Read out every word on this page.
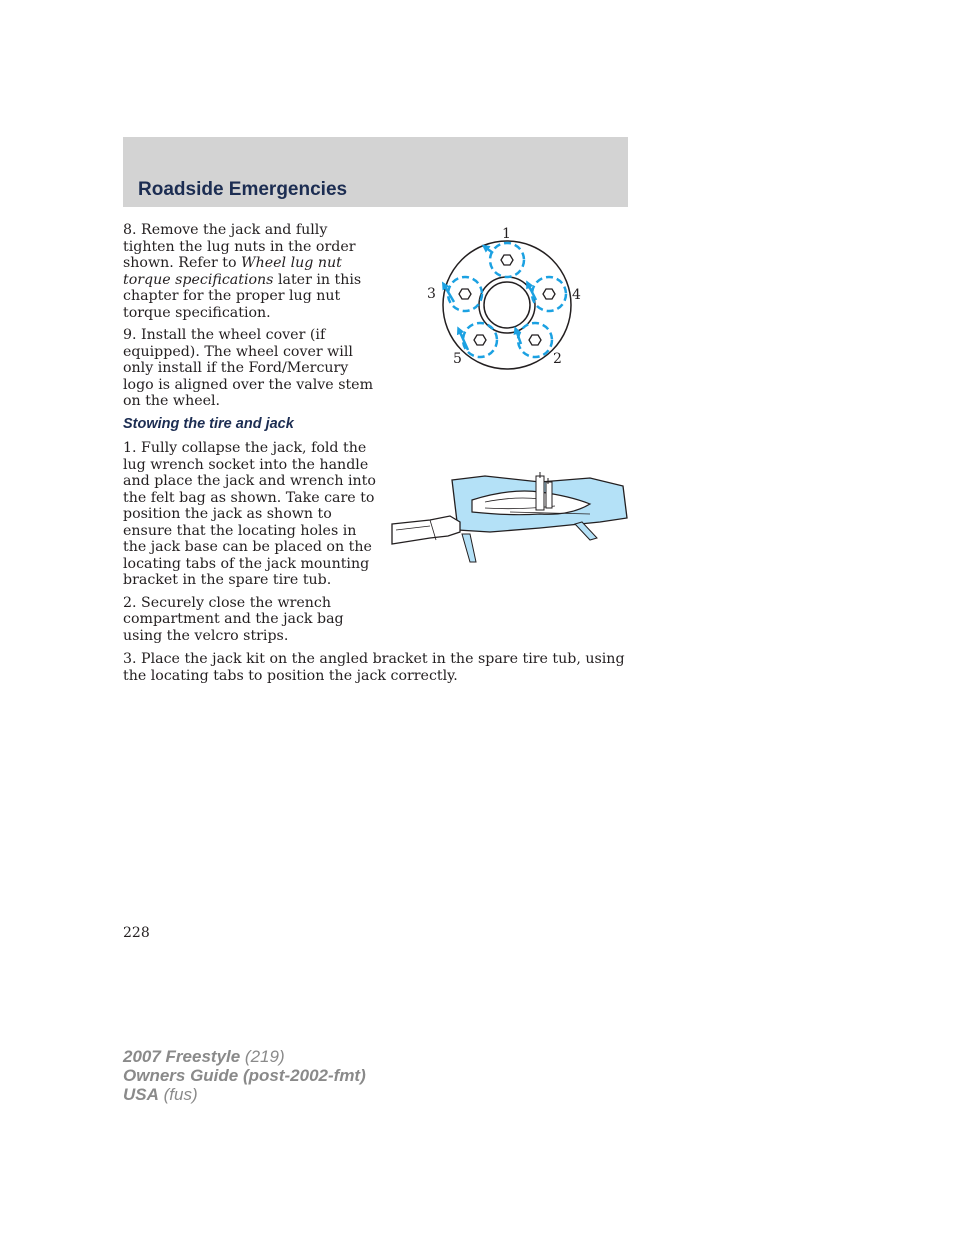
Roadside Emergencies

8. Remove the jack and fully tighten the lug nuts in the order shown. Refer to Wheel lug nut torque specifications later in this chapter for the proper lug nut torque specification.

9. Install the wheel cover (if equipped). The wheel cover will only install if the Ford/Mercury logo is aligned over the valve stem on the wheel.

Stowing the tire and jack

1. Fully collapse the jack, fold the lug wrench socket into the handle and place the jack and wrench into the felt bag as shown. Take care to position the jack as shown to ensure that the locating holes in the jack base can be placed on the locating tabs of the jack mounting bracket in the spare tire tub.

2. Securely close the wrench compartment and the jack bag using the velcro strips.

3. Place the jack kit on the angled bracket in the spare tire tub, using the locating tabs to position the jack correctly.

1
2
3	4
5

228

2007 Freestyle (219)
Owners Guide (post-2002-fmt)
USA (fus)
